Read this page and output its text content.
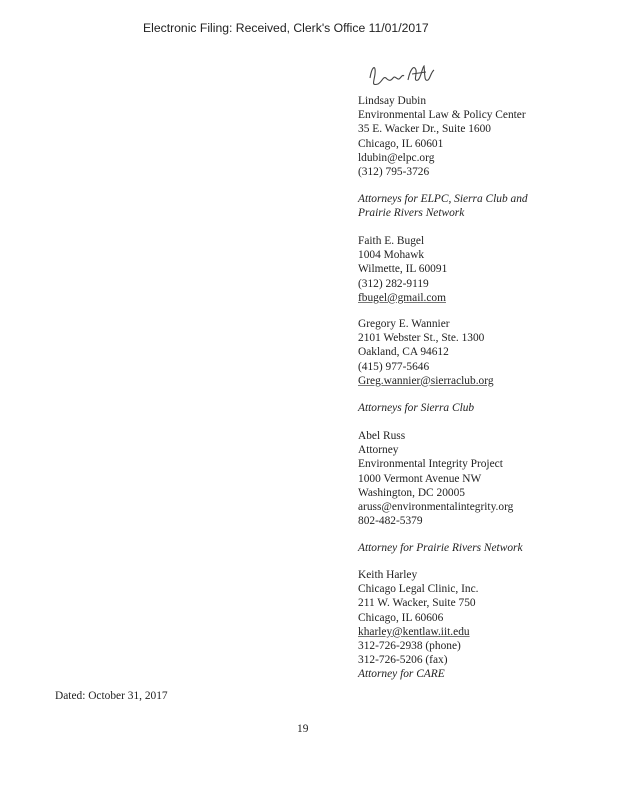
Electronic Filing: Received, Clerk's Office 11/01/2017
Lindsay Dubin
Environmental Law & Policy Center
35 E. Wacker Dr., Suite 1600
Chicago, IL 60601
ldubin@elpc.org
(312) 795-3726
Attorneys for ELPC, Sierra Club and
Prairie Rivers Network
Faith E. Bugel
1004 Mohawk
Wilmette, IL 60091
(312) 282-9119
fbugel@gmail.com
Gregory E. Wannier
2101 Webster St., Ste. 1300
Oakland, CA 94612
(415) 977-5646
Greg.wannier@sierraclub.org
Attorneys for Sierra Club
Abel Russ
Attorney
Environmental Integrity Project
1000 Vermont Avenue NW
Washington, DC 20005
aruss@environmentalintegrity.org
802-482-5379
Attorney for Prairie Rivers Network
Keith Harley
Chicago Legal Clinic, Inc.
211 W. Wacker, Suite 750
Chicago, IL 60606
kharley@kentlaw.iit.edu
312-726-2938 (phone)
312-726-5206 (fax)
Attorney for CARE
Dated: October 31, 2017
19
